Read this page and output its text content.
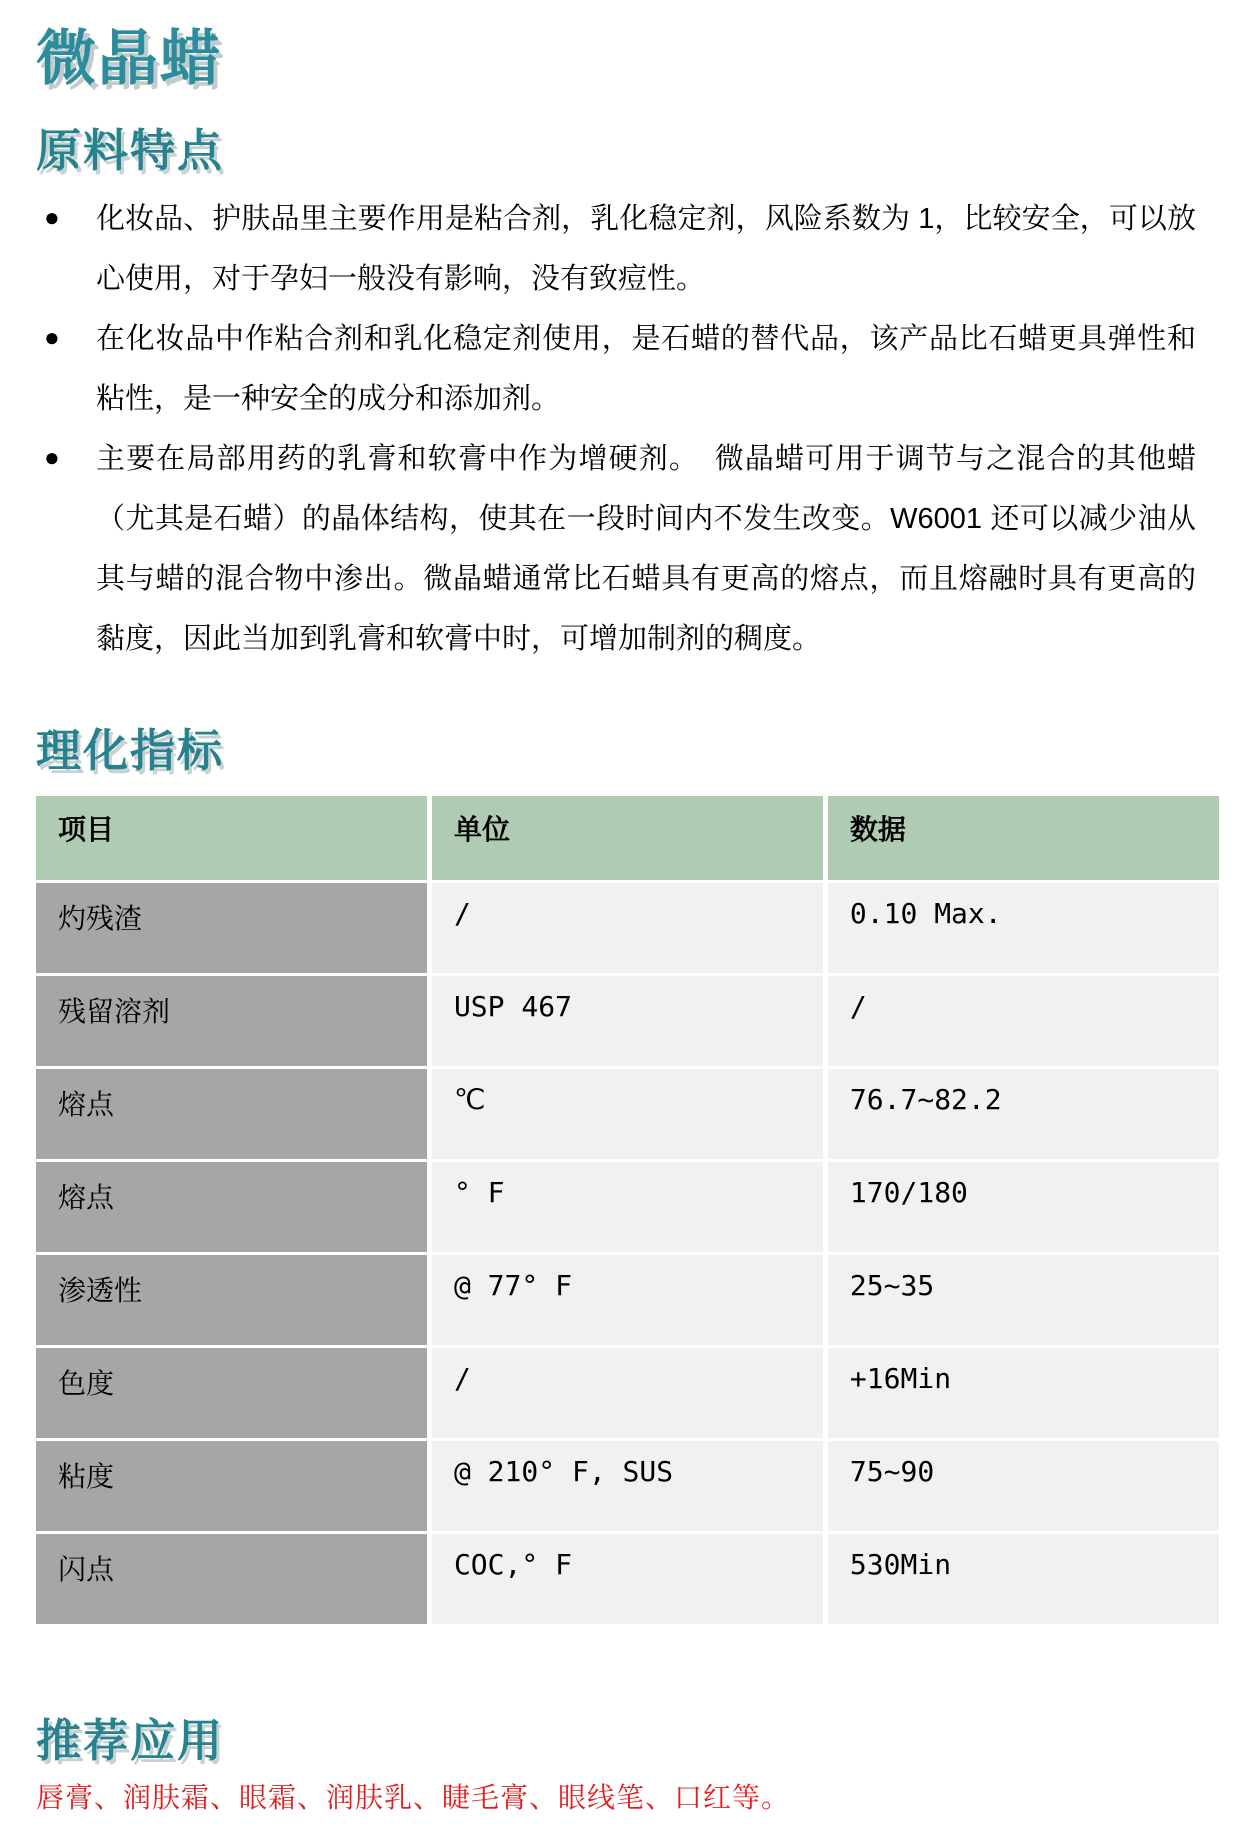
微晶蜡
原料特点
● 化妆品、护肤品里主要作用是粘合剂，乳化稳定剂，风险系数为 1，比较安全，可以放心使用，对于孕妇一般没有影响，没有致痘性。
● 在化妆品中作粘合剂和乳化稳定剂使用，是石蜡的替代品，该产品比石蜡更具弹性和粘性，是一种安全的成分和添加剂。
● 主要在局部用药的乳膏和软膏中作为增硬剂。　微晶蜡可用于调节与之混合的其他蜡（尤其是石蜡）的晶体结构，使其在一段时间内不发生改变。W6001 还可以减少油从其与蜡的混合物中渗出。微晶蜡通常比石蜡具有更高的熔点，而且熔融时具有更高的黏度，因此当加到乳膏和软膏中时，可增加制剂的稠度。
理化指标
项目	单位	数据
灼残渣	/	0.10 Max.
残留溶剂	USP 467	/
熔点	℃	76.7~82.2
熔点	° F	170/180
渗透性	@ 77° F	25~35
色度	/	+16Min
粘度	@ 210° F, SUS	75~90
闪点	COC,° F	530Min
推荐应用

唇膏、润肤霜、眼霜、润肤乳、睫毛膏、眼线笔、口红等。
